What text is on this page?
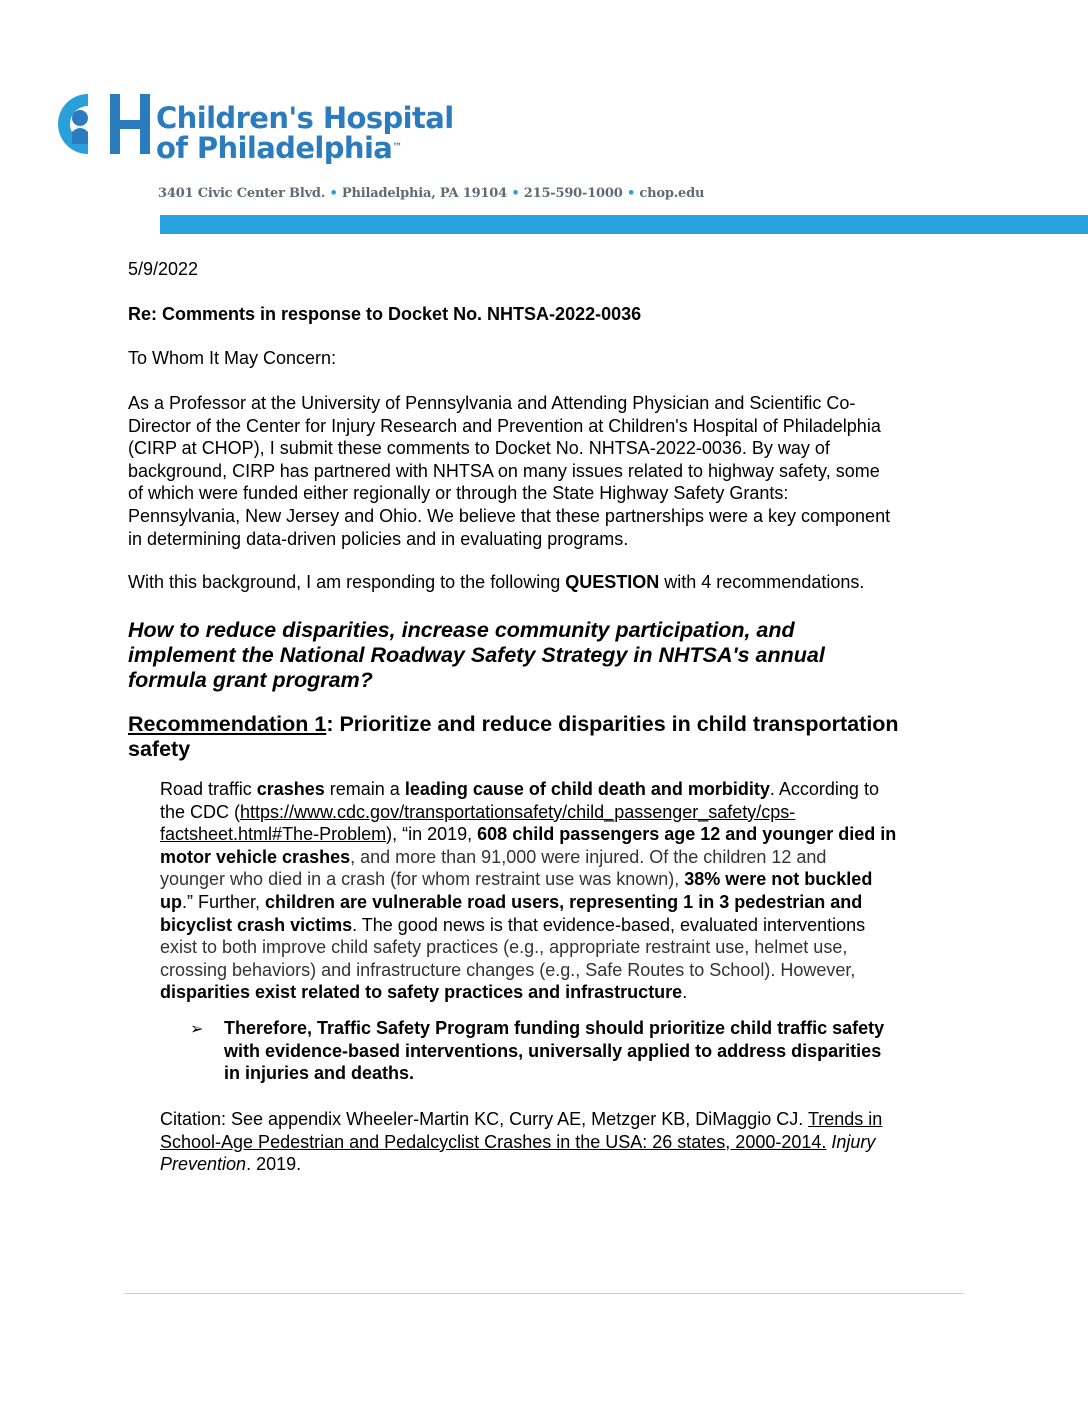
Children's Hospital
of Philadelphia™
3401 Civic Center Blvd. • Philadelphia, PA 19104 • 215-590-1000 • chop.edu
5/9/2022
Re: Comments in response to Docket No. NHTSA-2022-0036
To Whom It May Concern:
As a Professor at the University of Pennsylvania and Attending Physician and Scientific Co-
Director of the Center for Injury Research and Prevention at Children's Hospital of Philadelphia
(CIRP at CHOP), I submit these comments to Docket No. NHTSA-2022-0036. By way of
background, CIRP has partnered with NHTSA on many issues related to highway safety, some
of which were funded either regionally or through the State Highway Safety Grants:
Pennsylvania, New Jersey and Ohio. We believe that these partnerships were a key component
in determining data-driven policies and in evaluating programs.
With this background, I am responding to the following QUESTION with 4 recommendations.
How to reduce disparities, increase community participation, and
implement the National Roadway Safety Strategy in NHTSA's annual
formula grant program?
Recommendation 1: Prioritize and reduce disparities in child transportation
safety
Road traffic crashes remain a leading cause of child death and morbidity. According to
the CDC (https://www.cdc.gov/transportationsafety/child_passenger_safety/cps-
factsheet.html#The-Problem), “in 2019, 608 child passengers age 12 and younger died in
motor vehicle crashes, and more than 91,000 were injured. Of the children 12 and
younger who died in a crash (for whom restraint use was known), 38% were not buckled
up.” Further, children are vulnerable road users, representing 1 in 3 pedestrian and
bicyclist crash victims. The good news is that evidence-based, evaluated interventions
exist to both improve child safety practices (e.g., appropriate restraint use, helmet use,
crossing behaviors) and infrastructure changes (e.g., Safe Routes to School). However,
disparities exist related to safety practices and infrastructure.
➢ Therefore, Traffic Safety Program funding should prioritize child traffic safety
with evidence-based interventions, universally applied to address disparities
in injuries and deaths.
Citation: See appendix Wheeler-Martin KC, Curry AE, Metzger KB, DiMaggio CJ. Trends in
School-Age Pedestrian and Pedalcyclist Crashes in the USA: 26 states, 2000-2014. Injury
Prevention. 2019.
